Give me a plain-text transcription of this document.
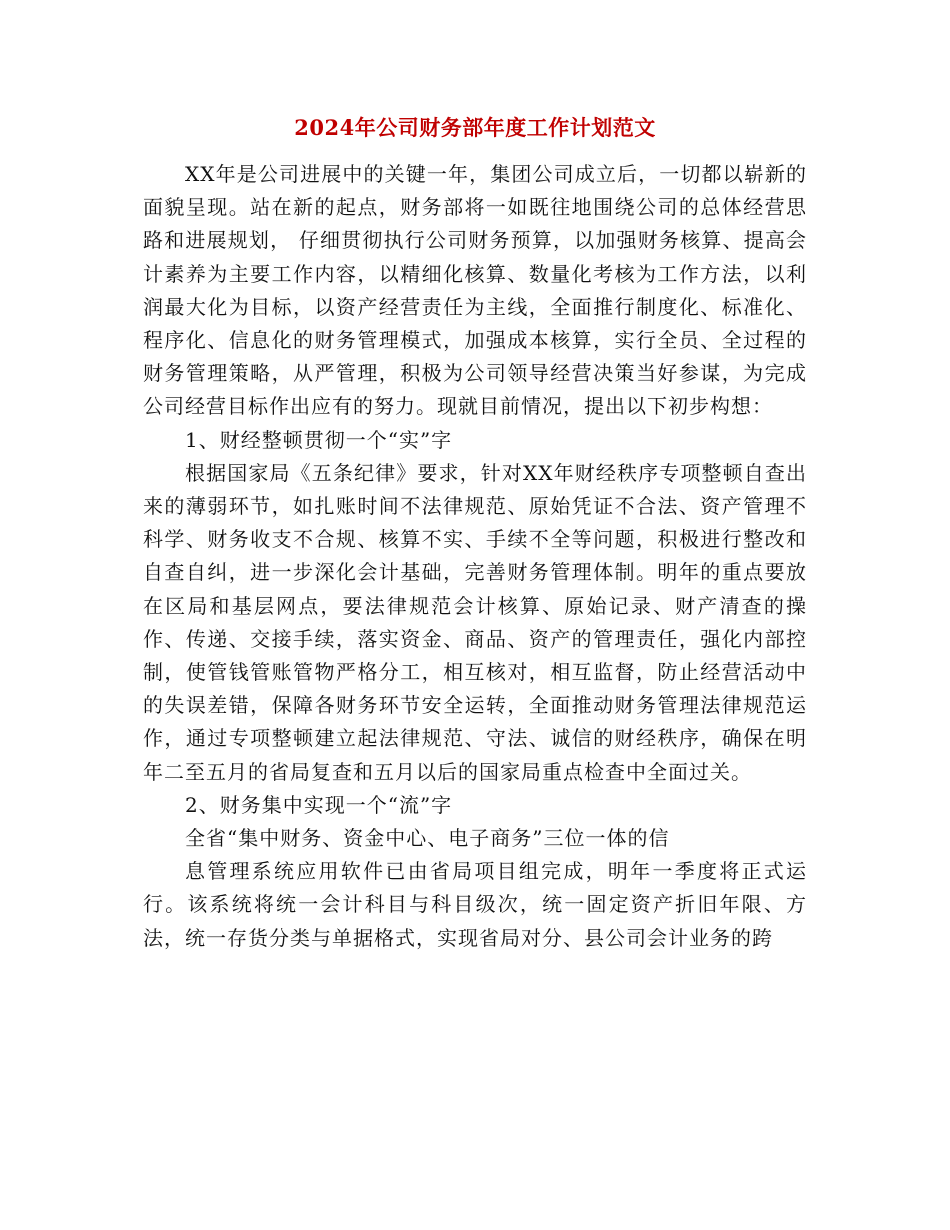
2024年公司财务部年度工作计划范文

XX年是公司进展中的关键一年，集团公司成立后，一切都以崭新的面貌呈现。站在新的起点，财务部将一如既往地围绕公司的总体经营思路和进展规划， 仔细贯彻执行公司财务预算，以加强财务核算、提高会计素养为主要工作内容，以精细化核算、数量化考核为工作方法，以利润最大化为目标，以资产经营责任为主线，全面推行制度化、标准化、程序化、信息化的财务管理模式，加强成本核算，实行全员、全过程的财务管理策略，从严管理，积极为公司领导经营决策当好参谋，为完成公司经营目标作出应有的努力。现就目前情况，提出以下初步构想：

1、财经整顿贯彻一个“实”字

根据国家局《五条纪律》要求，针对XX年财经秩序专项整顿自查出来的薄弱环节，如扎账时间不法律规范、原始凭证不合法、资产管理不科学、财务收支不合规、核算不实、手续不全等问题，积极进行整改和自查自纠，进一步深化会计基础，完善财务管理体制。明年的重点要放在区局和基层网点，要法律规范会计核算、原始记录、财产清查的操作、传递、交接手续，落实资金、商品、资产的管理责任，强化内部控制，使管钱管账管物严格分工，相互核对，相互监督，防止经营活动中的失误差错，保障各财务环节安全运转，全面推动财务管理法律规范运作，通过专项整顿建立起法律规范、守法、诚信的财经秩序，确保在明年二至五月的省局复查和五月以后的国家局重点检查中全面过关。

2、财务集中实现一个“流”字

全省“集中财务、资金中心、电子商务”三位一体的信

息管理系统应用软件已由省局项目组完成，明年一季度将正式运行。该系统将统一会计科目与科目级次，统一固定资产折旧年限、方法，统一存货分类与单据格式，实现省局对分、县公司会计业务的跨
